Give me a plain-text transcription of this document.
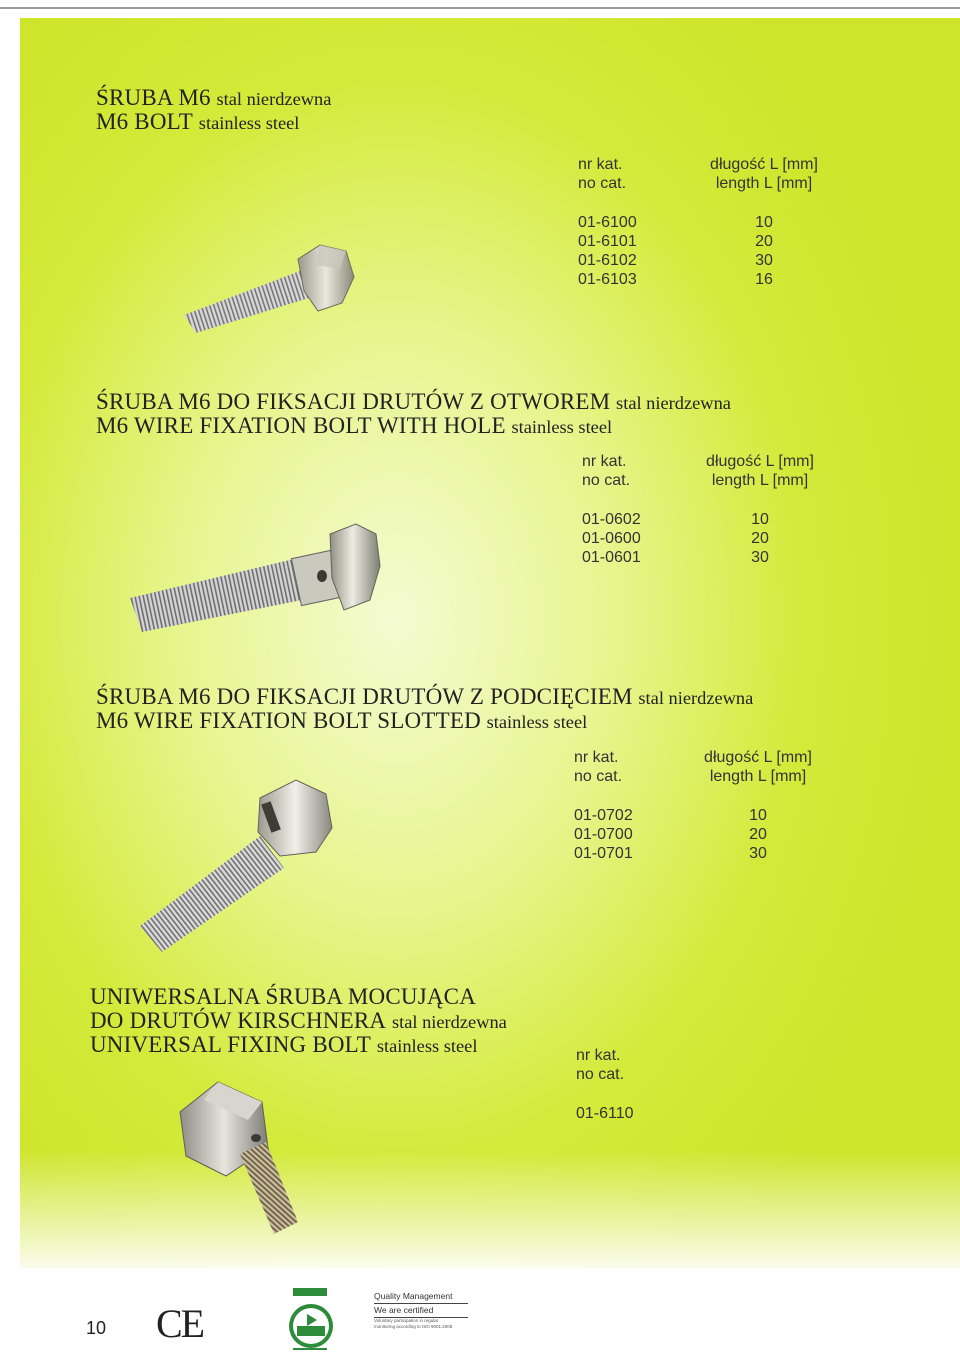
ŚRUBA M6 stal nierdzewna
M6 BOLT stainless steel
nr kat.
no cat.
01-6100
01-6101
01-6102
01-6103
długość L [mm]
length L [mm]
10
20
30
16
ŚRUBA M6 DO FIKSACJI DRUTÓW Z OTWOREM stal nierdzewna
M6 WIRE FIXATION BOLT WITH HOLE stainless steel
nr kat.
no cat.
01-0602
01-0600
01-0601
długość L [mm]
length L [mm]
10
20
30
ŚRUBA M6 DO FIKSACJI DRUTÓW Z PODCIĘCIEM stal nierdzewna
M6 WIRE FIXATION BOLT SLOTTED stainless steel
nr kat.
no cat.
01-0702
01-0700
01-0701
długość L [mm]
length L [mm]
10
20
30
UNIWERSALNA ŚRUBA MOCUJĄCA
DO DRUTÓW KIRSCHNERA stal nierdzewna
UNIVERSAL FIXING BOLT stainless steel	nr kat.
no cat.
01-6110
10 CE
Quality Management
We are certified
Voluntary participation in regular
monitoring according to ISO 9001:2008
